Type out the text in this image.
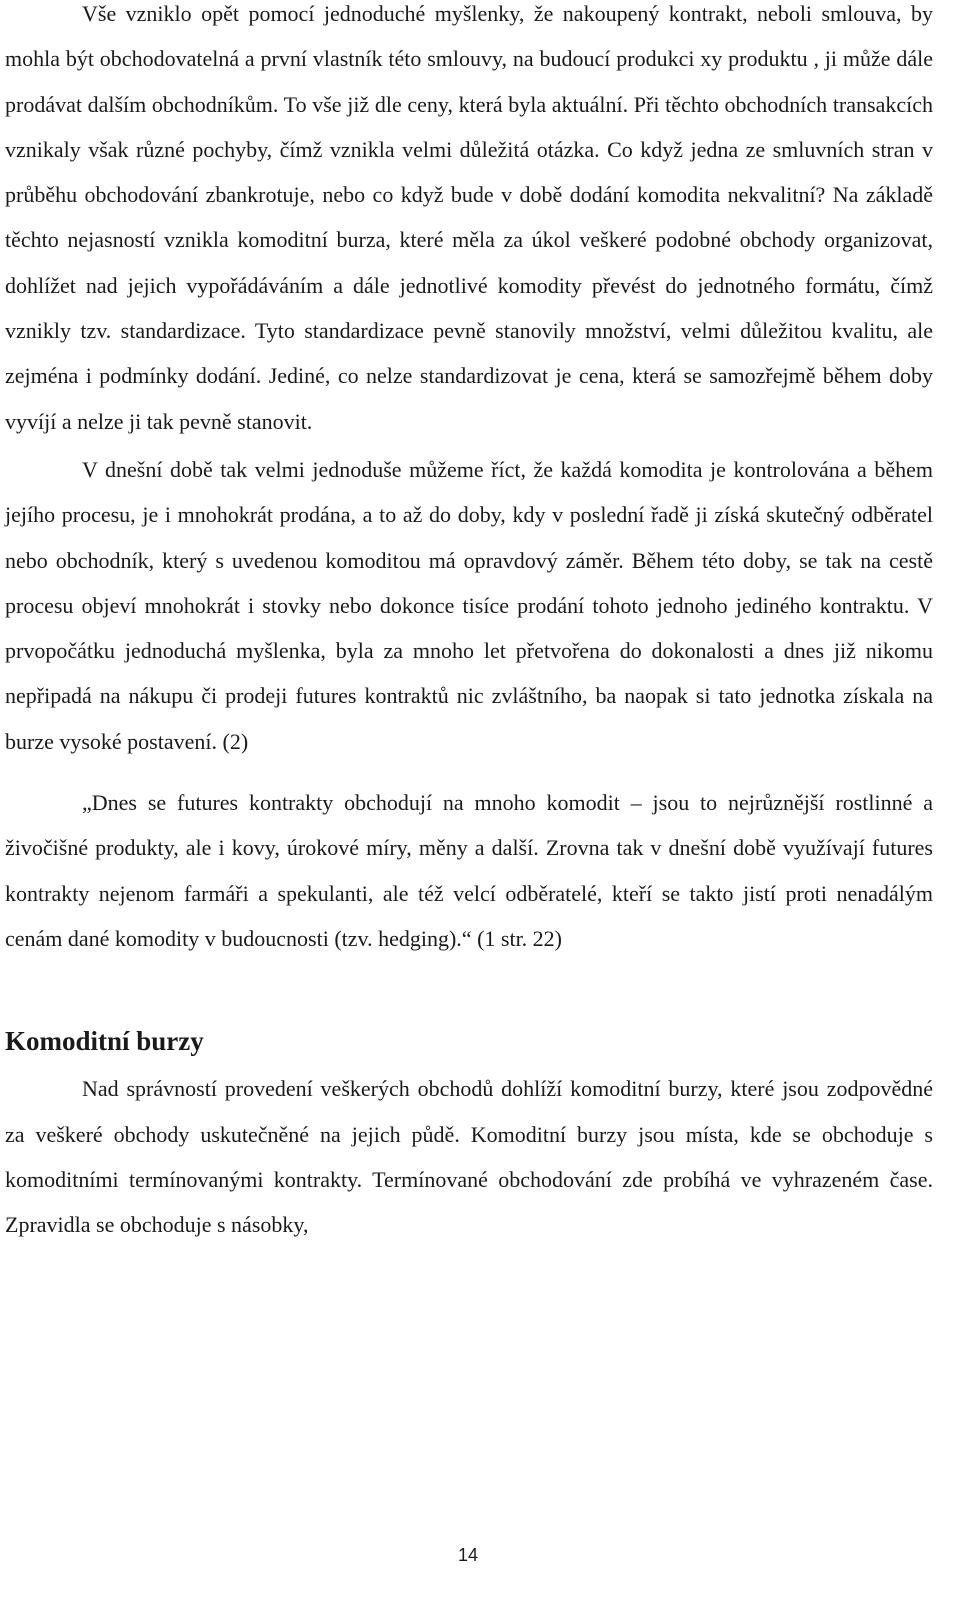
Vše vzniklo opět pomocí jednoduché myšlenky, že nakoupený kontrakt, neboli smlouva, by mohla být obchodovatelná a první vlastník této smlouvy, na budoucí produkci xy produktu , ji může dále prodávat dalším obchodníkům. To vše již dle ceny, která byla aktuální. Při těchto obchodních transakcích vznikaly však různé pochyby, čímž vznikla velmi důležitá otázka. Co když jedna ze smluvních stran v průběhu obchodování zbankrotuje, nebo co když bude v době dodání komodita nekvalitní? Na základě těchto nejasností vznikla komoditní burza, které měla za úkol veškeré podobné obchody organizovat, dohlížet nad jejich vypořádáváním a dále jednotlivé komodity převést do jednotného formátu, čímž vznikly tzv. standardizace. Tyto standardizace pevně stanovily množství, velmi důležitou kvalitu, ale zejména i podmínky dodání. Jediné, co nelze standardizovat je cena, která se samozřejmě během doby vyvíjí a nelze ji tak pevně stanovit.

V dnešní době tak velmi jednoduše můžeme říct, že každá komodita je kontrolována a během jejího procesu, je i mnohokrát prodána, a to až do doby, kdy v poslední řadě ji získá skutečný odběratel nebo obchodník, který s uvedenou komoditou má opravdový záměr. Během této doby, se tak na cestě procesu objeví mnohokrát i stovky nebo dokonce tisíce prodání tohoto jednoho jediného kontraktu. V prvopočátku jednoduchá myšlenka, byla za mnoho let přetvořena do dokonalosti a dnes již nikomu nepřipadá na nákupu či prodeji futures kontraktů nic zvláštního, ba naopak si tato jednotka získala na burze vysoké postavení. (2)

„Dnes se futures kontrakty obchodují na mnoho komodit – jsou to nejrůznější rostlinné a živočišné produkty, ale i kovy, úrokové míry, měny a další. Zrovna tak v dnešní době využívají futures kontrakty nejenom farmáři a spekulanti, ale též velcí odběratelé, kteří se takto jistí proti nenadálým cenám dané komodity v budoucnosti (tzv. hedging).“ (1 str. 22)

Komoditní burzy

Nad správností provedení veškerých obchodů dohlíží komoditní burzy, které jsou zodpovědné za veškeré obchody uskutečněné na jejich půdě. Komoditní burzy jsou místa, kde se obchoduje s komoditními termínovanými kontrakty. Termínované obchodování zde probíhá ve vyhrazeném čase. Zpravidla se obchoduje s násobky,

14
